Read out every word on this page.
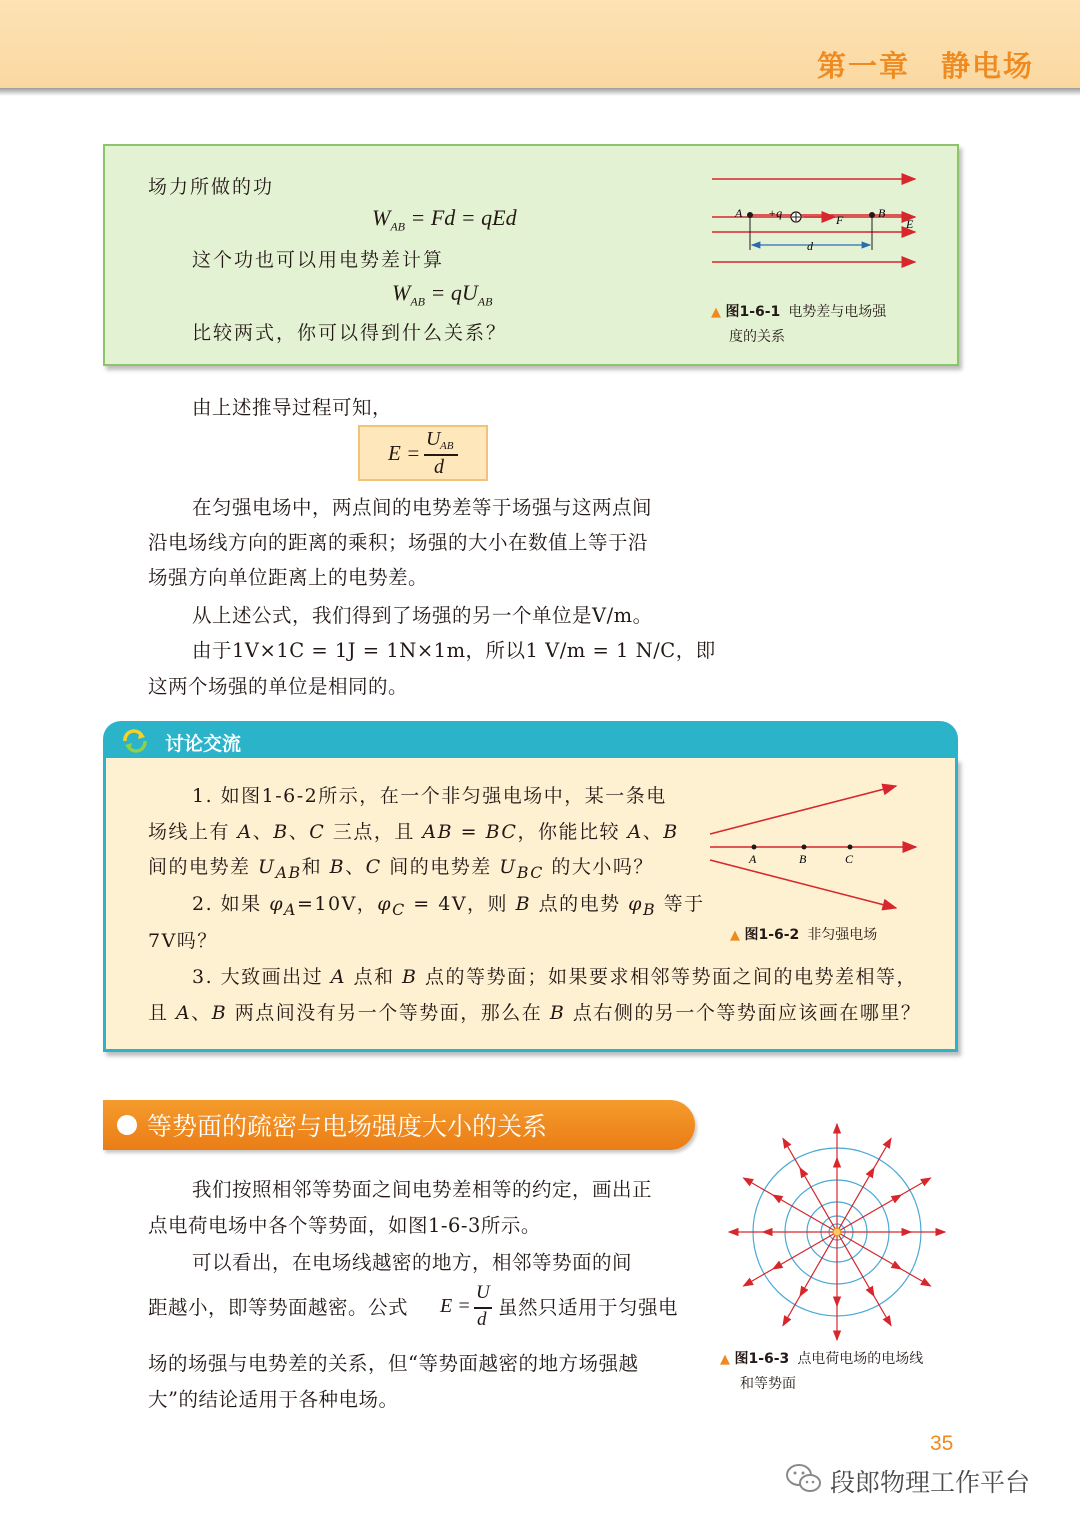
第一章　静电场
场力所做的功
$W_{AB} = Fd$ = qEd
这个功也可以用电势差计算
$W_{AB} = qU_{AB}$
比较两式，你可以得到什么关系？
A +q	F	B
E
d
▲ 图1-6-1 电势差与电场强
度的关系
由上述推导过程可知，
E =
U AB
d
在匀强电场中，两点间的电势差等于场强与这两点间
沿电场线方向的距离的乘积；场强的大小在数值上等于沿
场强方向单位距离上的电势差。
从上述公式，我们得到了场强的另一个单位是V/m。
由于1V×1C = 1J = 1N×1m，所以1 V/m = 1 N/C，即
这两个场强的单位是相同的。
讨论交流
1. 如图1-6-2所示，在一个非匀强电场中，某一条电
场线上有 A、B、C 三点，且 AB = BC，你能比较 A、B
间的电势差 $U_{AB}$和 B、C 间的电势差 $U_{BC}$ 的大小吗？
2. 如果 $\varphi_A=10V$，$\varphi_C = 4V$，则 B 点的电势 $\varphi_B$ 等于
7V吗？
3. 大致画出过 A 点和 B 点的等势面；如果要求相邻等势面之间的电势差相等，
且 A、B 两点间没有另一个等势面，那么在 B 点右侧的另一个等势面应该画在哪里？
A	B	C
▲ 图1-6-2 非匀强电场
等势面的疏密与电场强度大小的关系
我们按照相邻等势面之间电势差相等的约定，画出正
点电荷电场中各个等势面，如图1-6-3所示。
可以看出，在电场线越密的地方，相邻等势面的间
距越小，即等势面越密。公式 E =
U
d
虽然只适用于匀强电
场的场强与电势差的关系，但“等势面越密的地方场强越
大”的结论适用于各种电场。
▲ 图1-6-3 点电荷电场的电场线
和等势面
35
段郎物理工作平台
